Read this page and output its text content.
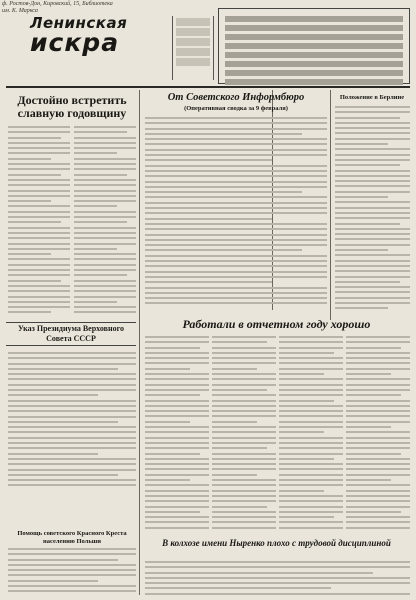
ф. Ростов-Дон, Кировский, 15, Библиотека
им. К. Маркса
Ленинская
искра
Достойно встретить славную годовщину
От Советского Информбюро
(Оперативная сводка за 9 февраля)
Положение в Берлине
Работали в отчетном году хорошо
Указ Президиума Верховного Совета СССР
Помощь советского Красного Креста населению Польши	В колхозе имени Ныренко плохо с трудовой дисциплиной
